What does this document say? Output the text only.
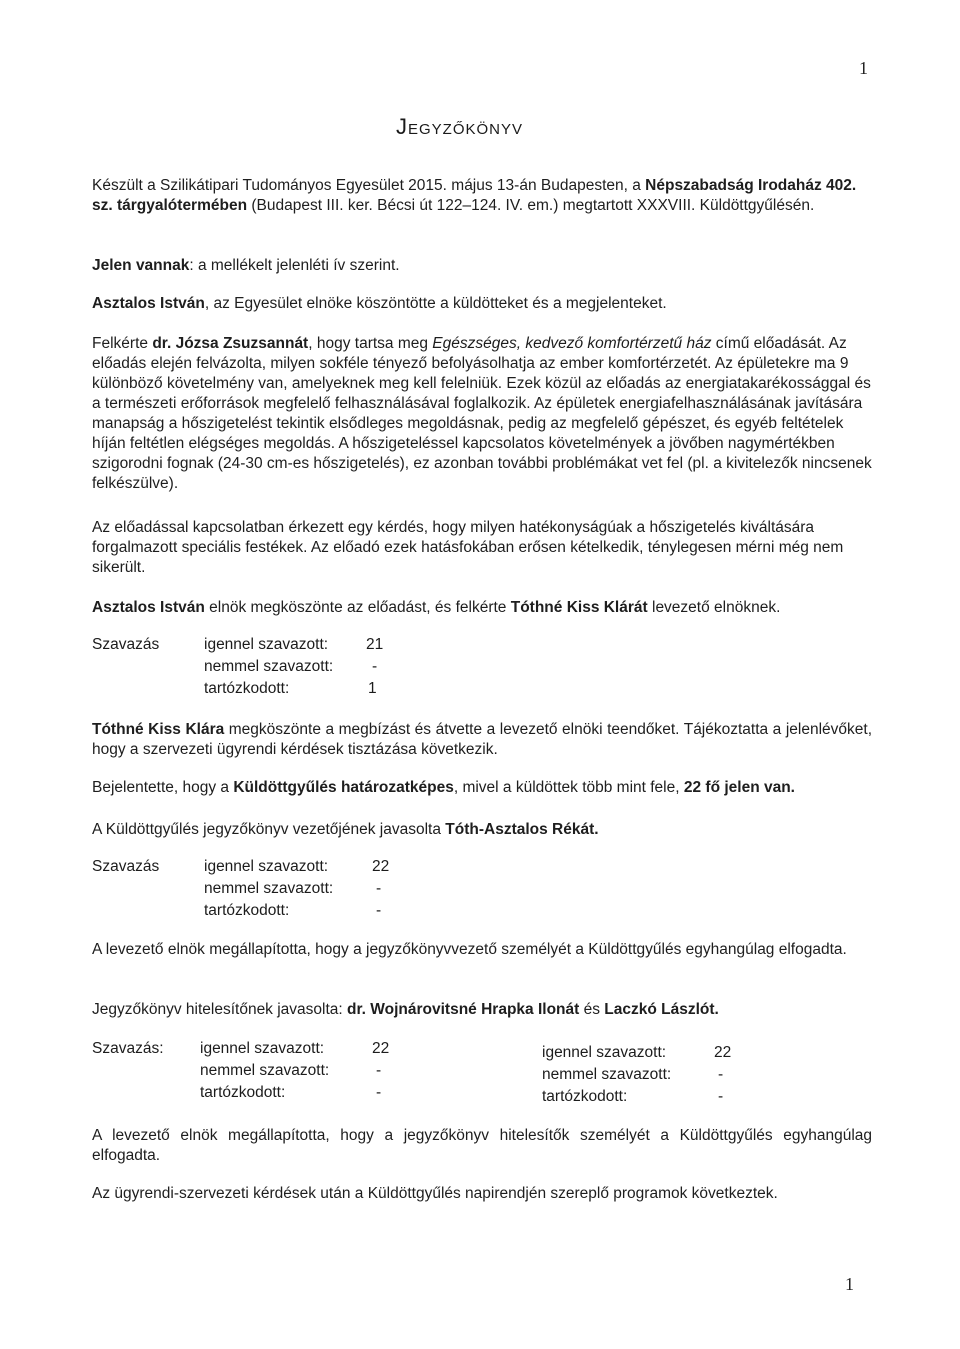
1
Jegyzőkönyv
Készült a Szilikátipari Tudományos Egyesület 2015. május 13-án Budapesten, a Népszabadság Irodaház 402. sz. tárgyalótermében (Budapest III. ker. Bécsi út 122–124. IV. em.) megtartott XXXVIII. Küldöttgyűlésén.
Jelen vannak: a mellékelt jelenléti ív szerint.
Asztalos István, az Egyesület elnöke köszöntötte a küldötteket és a megjelenteket.
Felkérte dr. Józsa Zsuzsannát, hogy tartsa meg Egészséges, kedvező komfortérzetű ház című előadását. Az előadás elején felvázolta, milyen sokféle tényező befolyásolhatja az ember komfortérzetét. Az épületekre ma 9 különböző követelmény van, amelyeknek meg kell felelniük. Ezek közül az előadás az energiatakarékossággal és a természeti erőforrások megfelelő felhasználásával foglalkozik. Az épületek energiafelhasználásának javítására manapság a hőszigetelést tekintik elsődleges megoldásnak, pedig az megfelelő gépészet, és egyéb feltételek híján feltétlen elégséges megoldás. A hőszigeteléssel kapcsolatos követelmények a jövőben nagymértékben szigorodni fognak (24-30 cm-es hőszigetelés), ez azonban további problémákat vet fel (pl. a kivitelezők nincsenek felkészülve).
Az előadással kapcsolatban érkezett egy kérdés, hogy milyen hatékonyságúak a hőszigetelés kiváltására forgalmazott speciális festékek. Az előadó ezek hatásfokában erősen kételkedik, ténylegesen mérni még nem sikerült.
Asztalos István elnök megköszönte az előadást, és felkérte Tóthné Kiss Klárát levezető elnöknek.
Szavazás	igennel szavazott: 21
nemmel szavazott:	-
tartózkodott:	1
Tóthné Kiss Klára megköszönte a megbízást és átvette a levezető elnöki teendőket. Tájékoztatta a jelenlévőket, hogy a szervezeti ügyrendi kérdések tisztázása következik.
Bejelentette, hogy a Küldöttgyűlés határozatképes, mivel a küldöttek több mint fele, 22 fő jelen van.
A Küldöttgyűlés jegyzőkönyv vezetőjének javasolta Tóth-Asztalos Rékát.
Szavazás	igennel szavazott:	22
nemmel szavazott:	-
tartózkodott:	-
A levezető elnök megállapította, hogy a jegyzőkönyvvezető személyét a Küldöttgyűlés egyhangúlag elfogadta.
Jegyzőkönyv hitelesítőnek javasolta: dr. Wojnárovitsné Hrapka Ilonát és Laczkó Lászlót.
Szavazás: igennel szavazott:	22
nemmel szavazott:	-
tartózkodott:	-
igennel szavazott:	22
nemmel szavazott:	-
tartózkodott:	-
A levezető elnök megállapította, hogy a jegyzőkönyv hitelesítők személyét a Küldöttgyűlés egyhangúlag elfogadta.
Az ügyrendi-szervezeti kérdések után a Küldöttgyűlés napirendjén szereplő programok következtek.
1
